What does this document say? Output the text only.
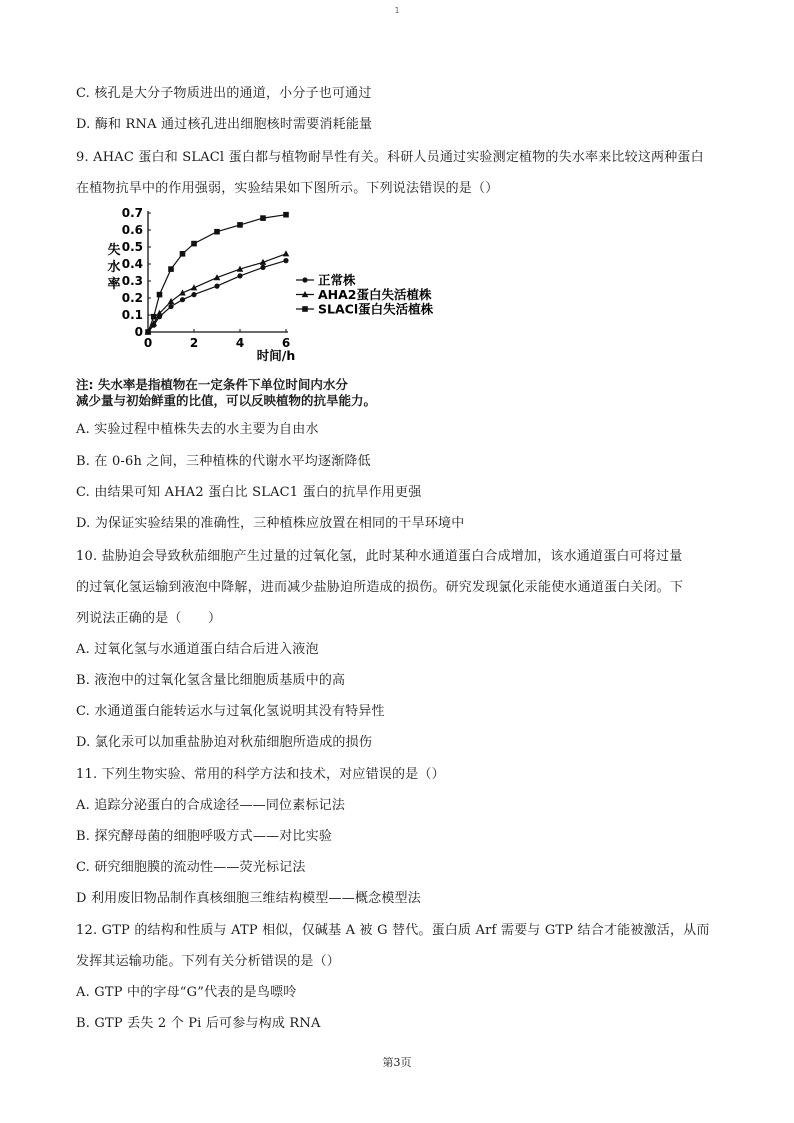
1
C. 核孔是大分子物质进出的通道，小分子也可通过
D. 酶和 RNA 通过核孔进出细胞核时需要消耗能量
9. AHAC 蛋白和 SLACl 蛋白都与植物耐旱性有关。科研人员通过实验测定植物的失水率来比较这两种蛋白
在植物抗旱中的作用强弱，实验结果如下图所示。下列说法错误的是（）
0
0.1
0.2
0.3
0.4
0.5
0.6
0.7
0	2	4	6
正常株
AHA2蛋白失活植株
SLACl蛋白失活植株
失水率
时间/h
注: 失水率是指植物在一定条件下单位时间内水分
减少量与初始鲜重的比值，可以反映植物的抗旱能力。
A. 实验过程中植株失去的水主要为自由水
B. 在 0-6h 之间，三种植株的代谢水平均逐渐降低
C. 由结果可知 AHA2 蛋白比 SLAC1 蛋白的抗旱作用更强
D. 为保证实验结果的准确性，三种植株应放置在相同的干旱环境中
10. 盐胁迫会导致秋茄细胞产生过量的过氧化氢，此时某种水通道蛋白合成增加，该水通道蛋白可将过量
的过氧化氢运输到液泡中降解，进而减少盐胁迫所造成的损伤。研究发现氯化汞能使水通道蛋白关闭。下
列说法正确的是（　　）
A. 过氧化氢与水通道蛋白结合后进入液泡
B. 液泡中的过氧化氢含量比细胞质基质中的高
C. 水通道蛋白能转运水与过氧化氢说明其没有特异性
D. 氯化汞可以加重盐胁迫对秋茄细胞所造成的损伤
11. 下列生物实验、常用的科学方法和技术，对应错误的是（）
A. 追踪分泌蛋白的合成途径——同位素标记法
B. 探究酵母菌的细胞呼吸方式——对比实验
C. 研究细胞膜的流动性——荧光标记法
D 利用废旧物品制作真核细胞三维结构模型——概念模型法
12. GTP 的结构和性质与 ATP 相似，仅碱基 A 被 G 替代。蛋白质 Arf 需要与 GTP 结合才能被激活，从而
发挥其运输功能。下列有关分析错误的是（）
A. GTP 中的字母“G”代表的是鸟嘌呤
B. GTP 丢失 2 个 Pi 后可参与构成 RNA
第3页
